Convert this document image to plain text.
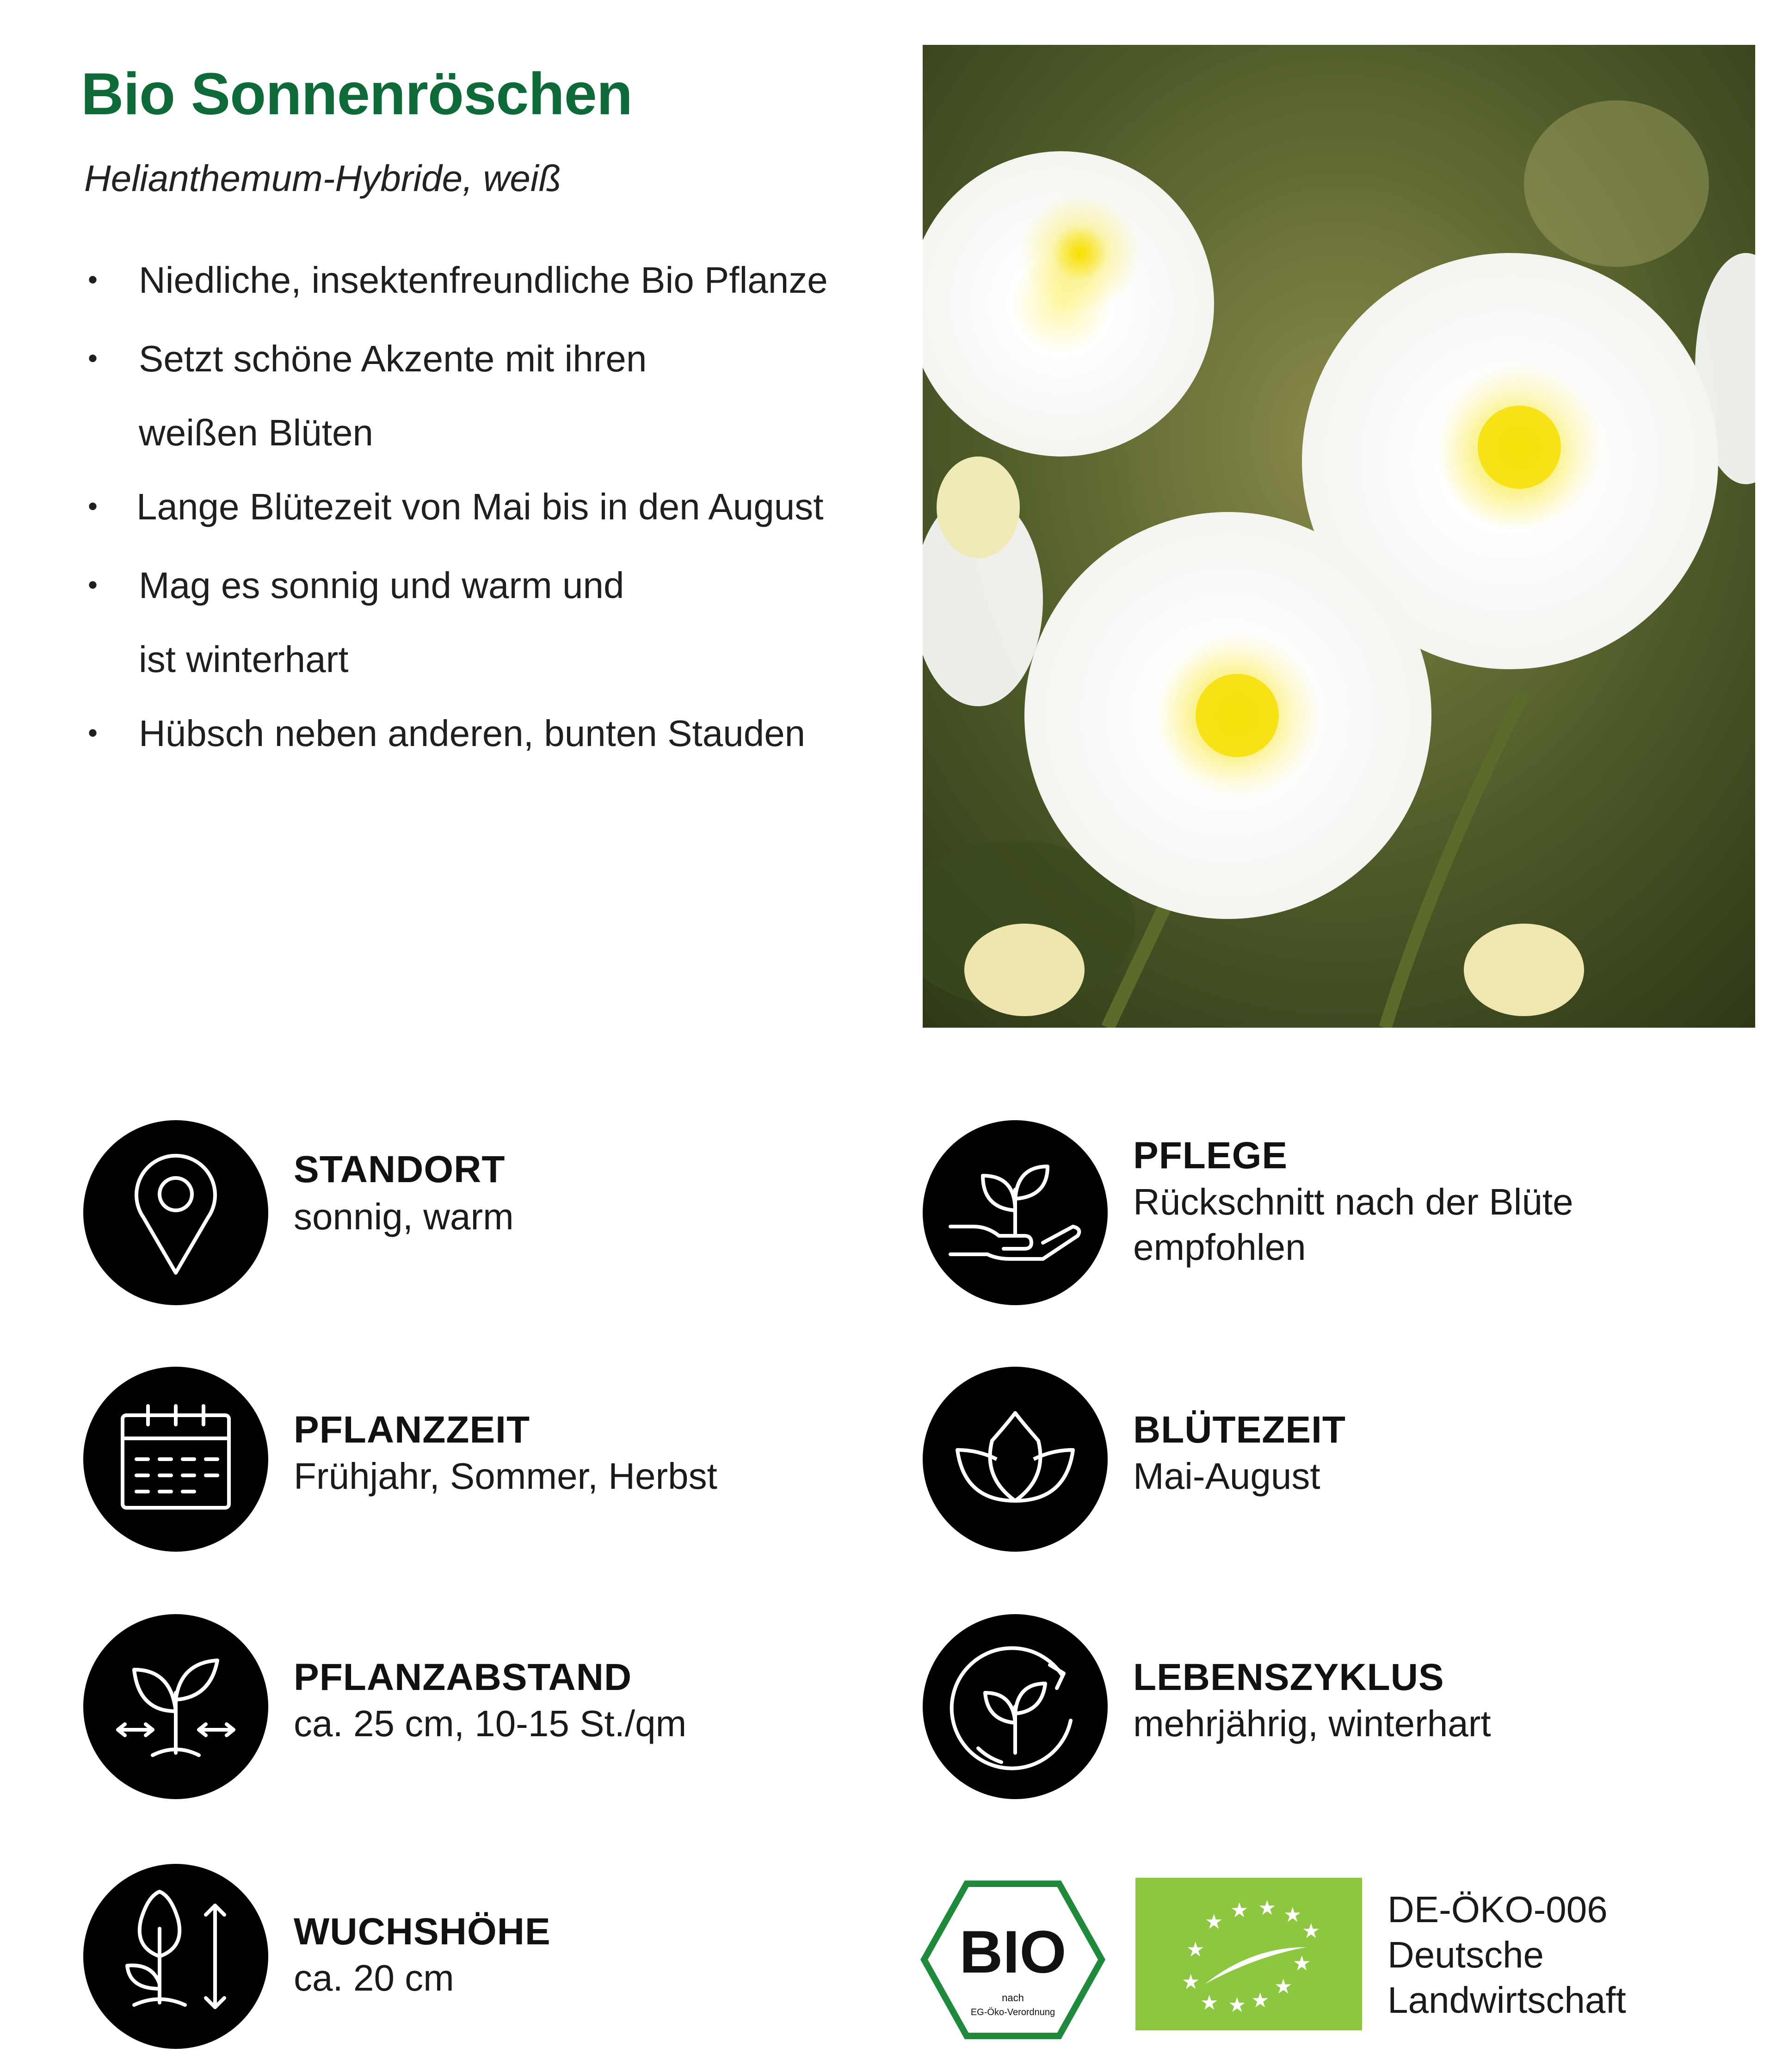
Bio Sonnenröschen
Helianthemum-Hybride, weiß
• Niedliche, insektenfreundliche Bio Pflanze
• Setzt schöne Akzente mit ihren
weißen Blüten
• Lange Blütezeit von Mai bis in den August
• Mag es sonnig und warm und
ist winterhart
• Hübsch neben anderen, bunten Stauden
STANDORT
sonnig, warm
PFLEGE
Rückschnitt nach der Blüte
empfohlen
PFLANZZEIT
Frühjahr, Sommer, Herbst
BLÜTEZEIT
Mai-August
PFLANZABSTAND
ca. 25 cm, 10-15 St./qm
LEBENSZYKLUS
mehrjährig, winterhart
WUCHSHÖHE
ca. 20 cm	BIO
nach
EG-Öko-Verordnung
★ ★ ★ ★
★
★
★
★	★
★ ★ ★
DE-ÖKO-006
Deutsche
Landwirtschaft
